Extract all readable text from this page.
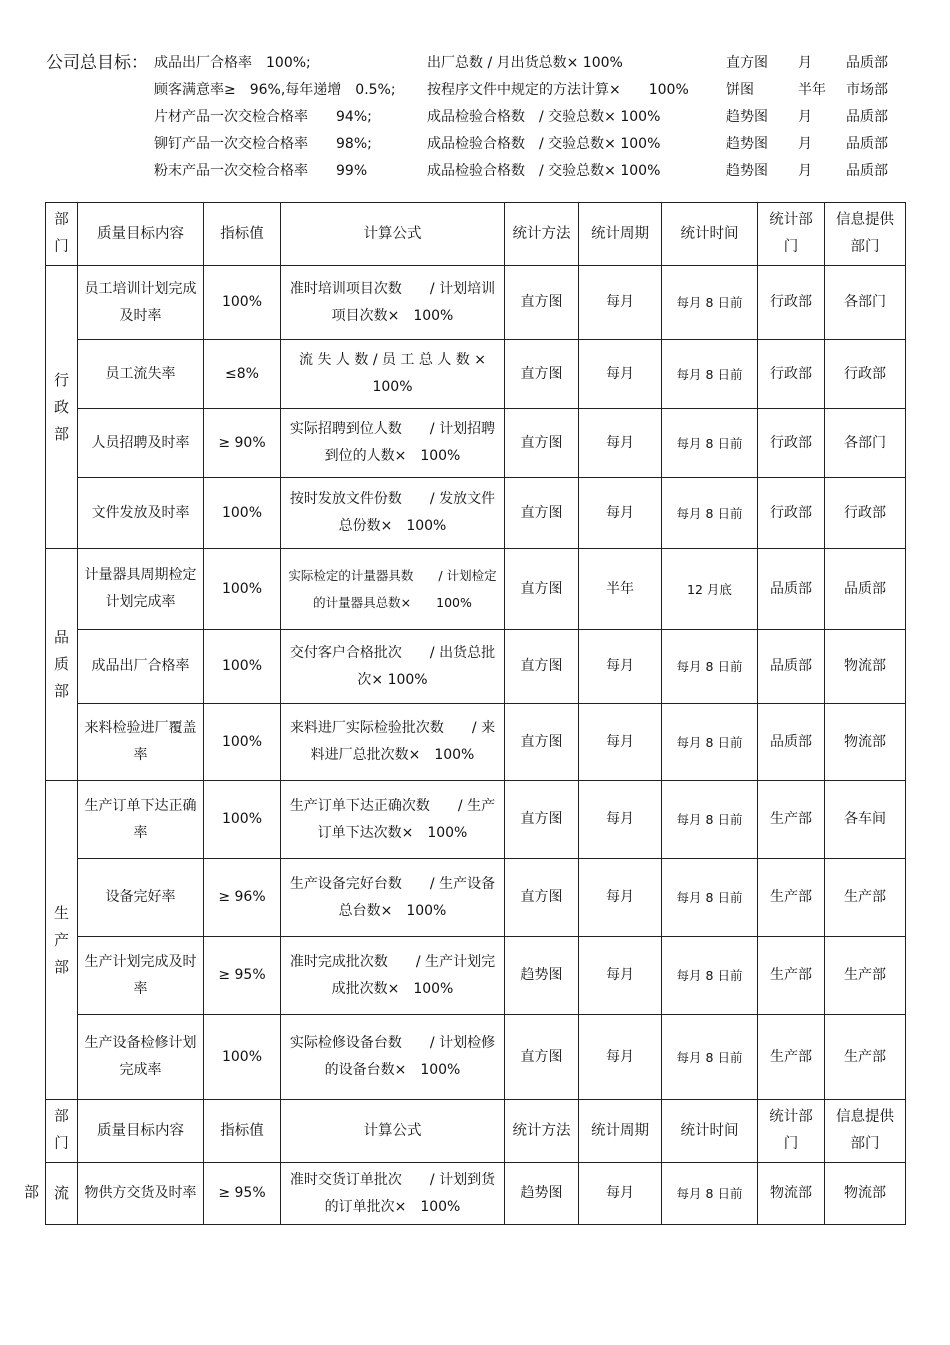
公司总目标： 成品出厂合格率　100%;	出厂总数 / 月出货总数× 100%	直方图 月 品质部
顾客满意率≥　96%,每年递增　0.5%; 按程序文件中规定的方法计算×　　100%	饼图	半年 市场部
片材产品一次交检合格率　　94%;	成品检验合格数　/ 交验总数× 100%	趋势图 月 品质部
铆钉产品一次交检合格率　　98%;	成品检验合格数　/ 交验总数× 100%	趋势图 月 品质部
粉末产品一次交检合格率　　99%	成品检验合格数　/ 交验总数× 100%	趋势图 月 品质部
部门	质量目标内容	指标值	计算公式	统计方法	统计周期	统计时间	统计部门	信息提供部门
行政部	员工培训计划完成及时率	100%	准时培训项目次数　　/ 计划培训项目次数×　100%	直方图	每月	每月 8 日前	行政部	各部门
	员工流失率	≤8%	流 失 人 数 / 员 工 总 人 数 × 100%	直方图	每月	每月 8 日前	行政部	行政部
	人员招聘及时率	≥ 90%	实际招聘到位人数　　/ 计划招聘到位的人数×　100%	直方图	每月	每月 8 日前	行政部	各部门
	文件发放及时率	100%	按时发放文件份数　　/ 发放文件总份数×　100%	直方图	每月	每月 8 日前	行政部	行政部
品质部	计量器具周期检定计划完成率	100%	实际检定的计量器具数　　/ 计划检定的计量器具总数×　　100%	直方图	半年	12 月底	品质部	品质部
	成品出厂合格率	100%	交付客户合格批次　　/ 出货总批次× 100%	直方图	每月	每月 8 日前	品质部	物流部
	来料检验进厂覆盖率	100%	来料进厂实际检验批次数　　/ 来料进厂总批次数×　100%	直方图	每月	每月 8 日前	品质部	物流部
生产部	生产订单下达正确率	100%	生产订单下达正确次数　　/ 生产订单下达次数×　100%	直方图	每月	每月 8 日前	生产部	各车间
	设备完好率	≥ 96%	生产设备完好台数　　/ 生产设备总台数×　100%	直方图	每月	每月 8 日前	生产部	生产部
	生产计划完成及时率	≥ 95%	准时完成批次数　　/ 生产计划完成批次数×　100%	趋势图	每月	每月 8 日前	生产部	生产部
	生产设备检修计划完成率	100%	实际检修设备台数　　/ 计划检修的设备台数×　100%	直方图	每月	每月 8 日前	生产部	生产部
部门	质量目标内容	指标值	计算公式	统计方法	统计周期	统计时间	统计部门	信息提供部门
流	物供方交货及时率	≥ 95%	准时交货订单批次　　/ 计划到货的订单批次×　100%	趋势图	每月	每月 8 日前	物流部	物流部
部
